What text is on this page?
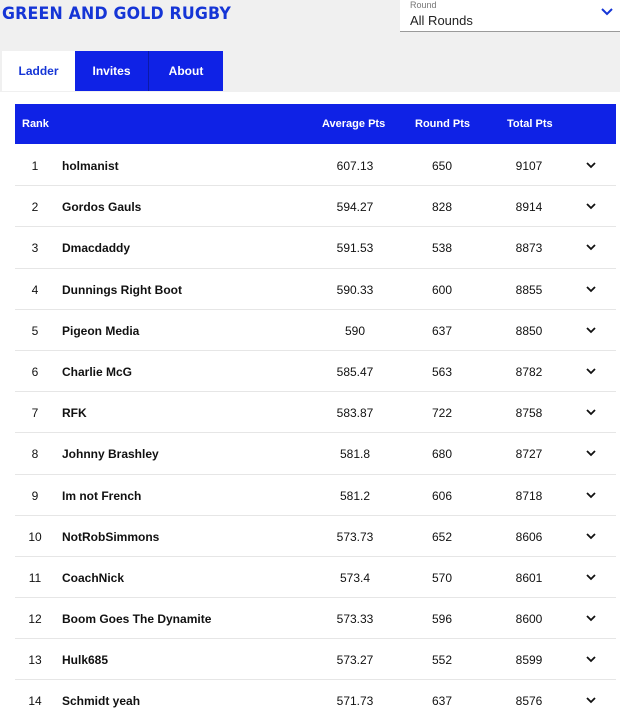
GREEN AND GOLD RUGBY	Round
All Rounds
Ladder	Invites	About
Rank	Average Pts	Round Pts	Total Pts
1	holmanist	607.13	650	9107
2	Gordos Gauls	594.27	828	8914
3	Dmacdaddy	591.53	538	8873
4	Dunnings Right Boot	590.33	600	8855
5	Pigeon Media	590	637	8850
6	Charlie McG	585.47	563	8782
7	RFK	583.87	722	8758
8	Johnny Brashley	581.8	680	8727
9	Im not French	581.2	606	8718
10	NotRobSimmons	573.73	652	8606
11	CoachNick	573.4	570	8601
12	Boom Goes The Dynamite	573.33	596	8600
13	Hulk685	573.27	552	8599
14	Schmidt yeah	571.73	637	8576
